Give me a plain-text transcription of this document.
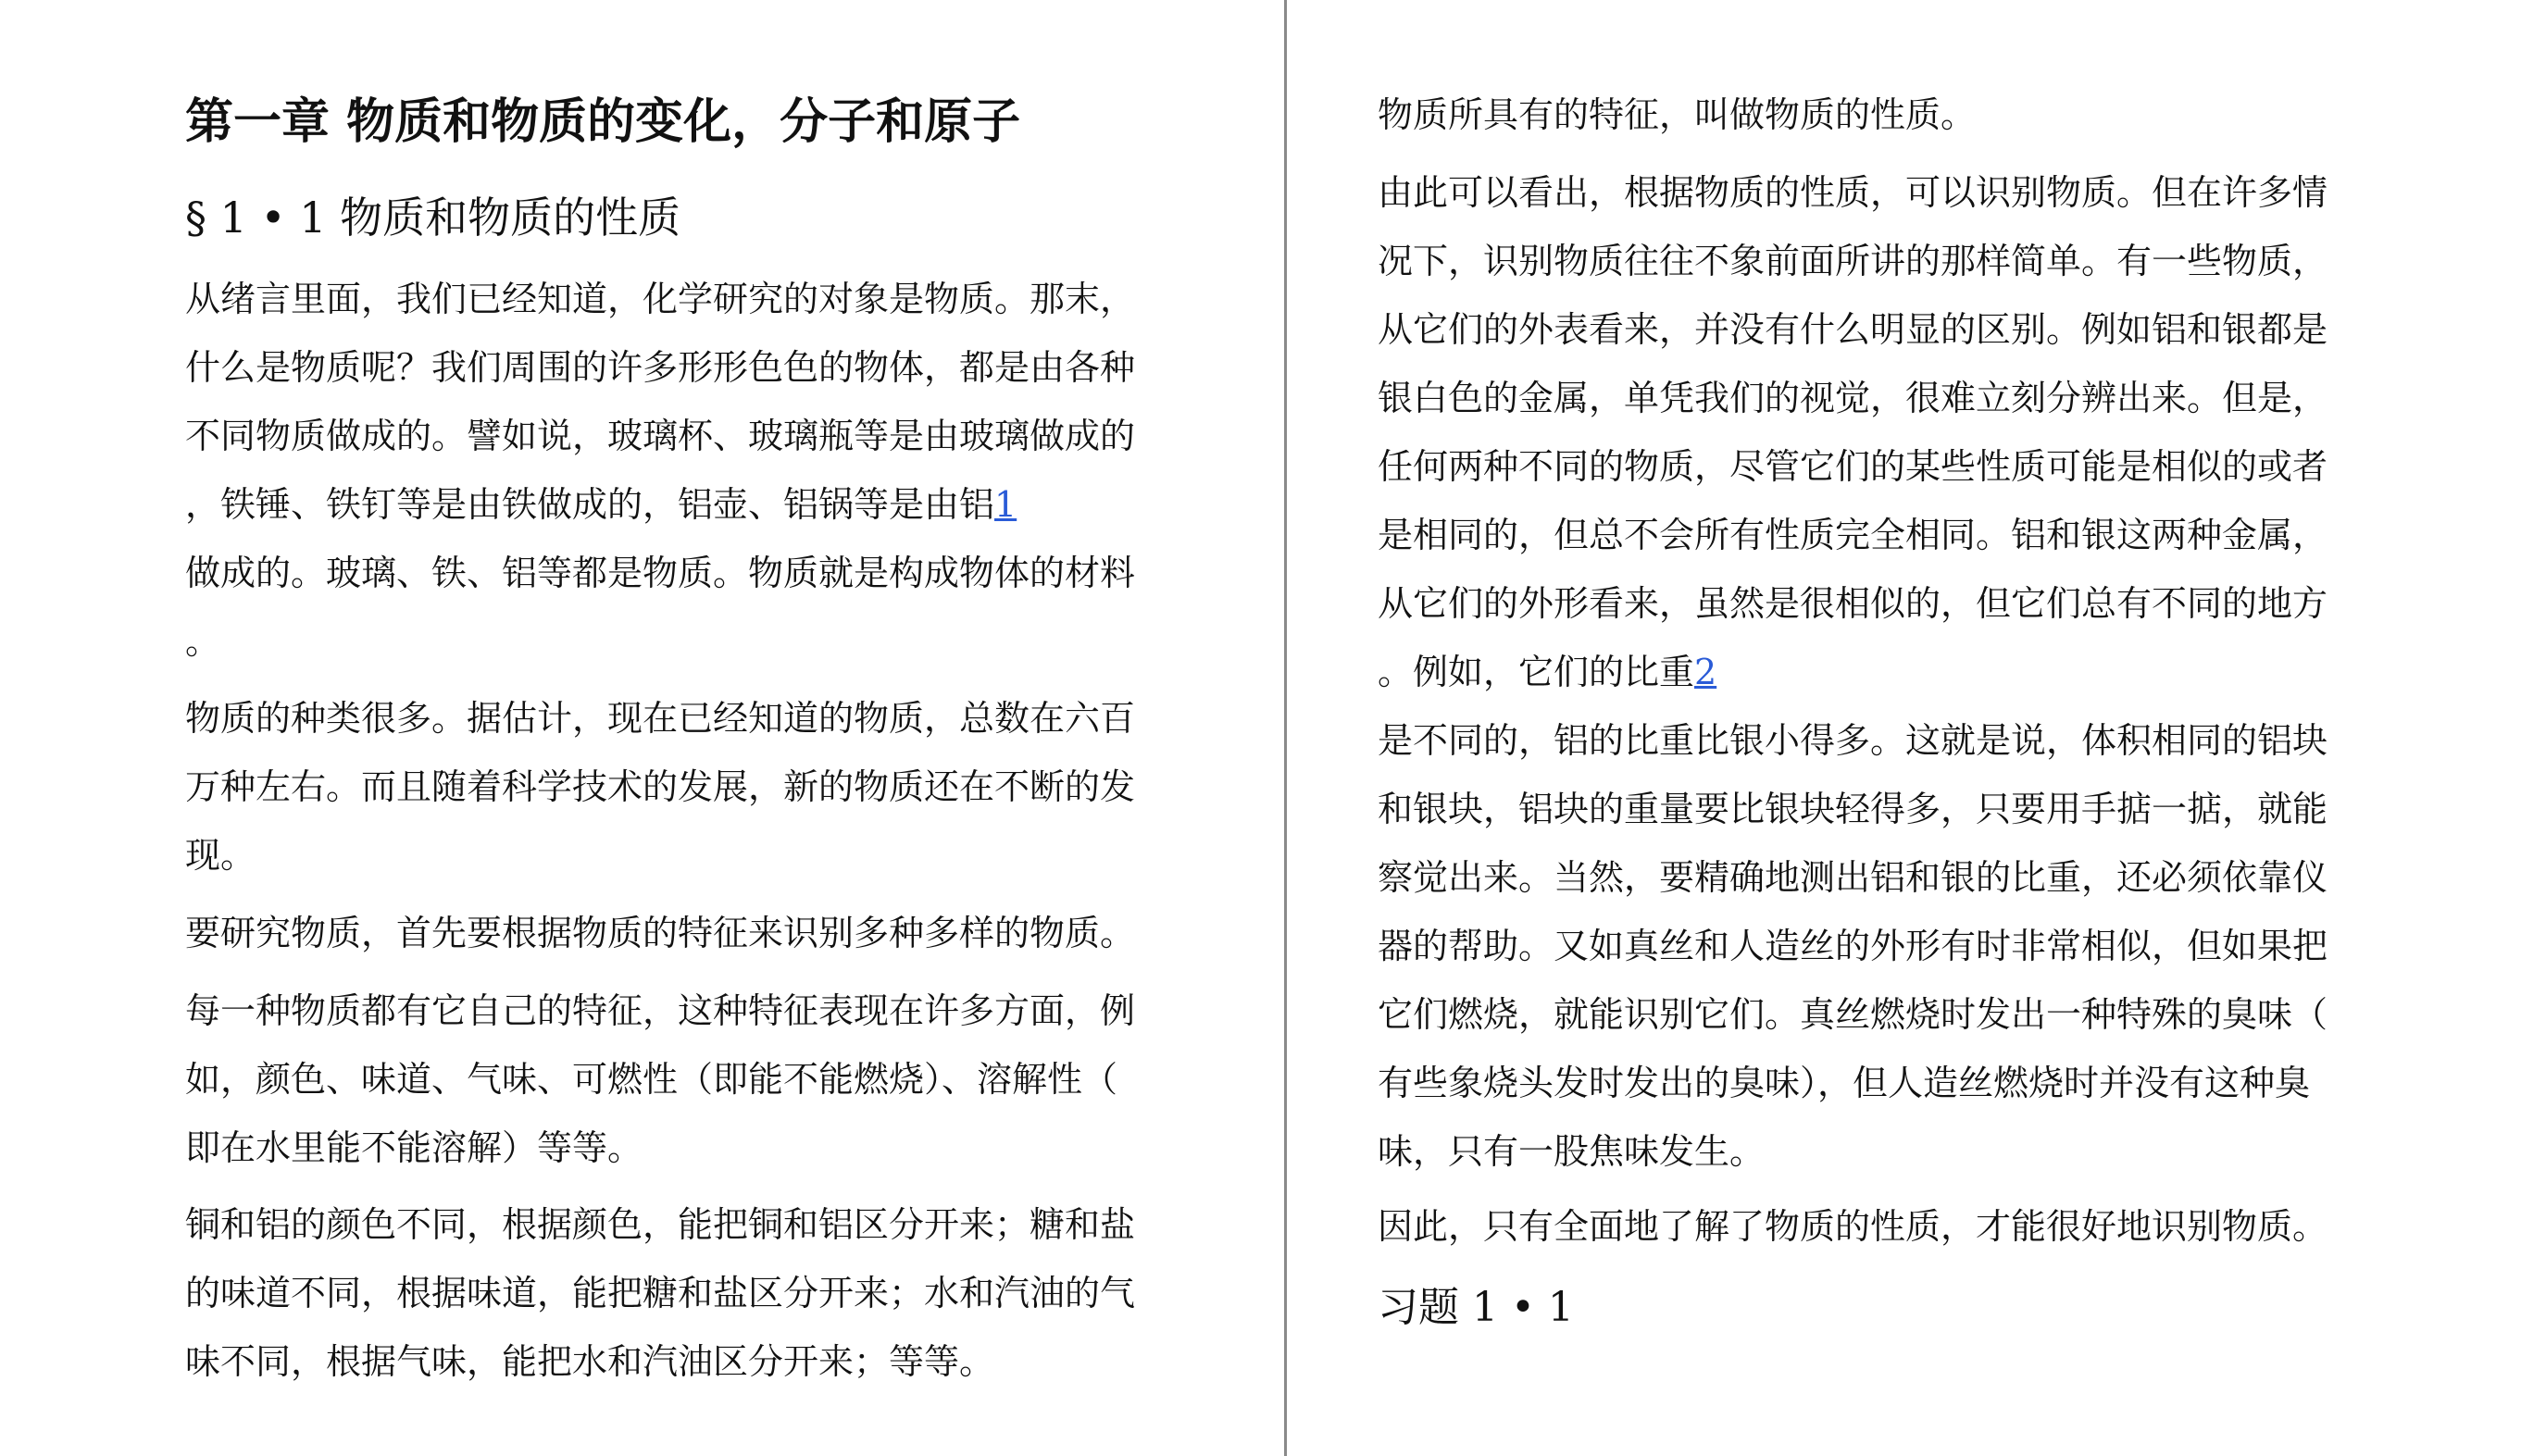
第一章 物质和物质的变化，分子和原子
§ 1 • 1 物质和物质的性质
从绪言里面，我们已经知道，化学研究的对象是物质。那末，
什么是物质呢？我们周围的许多形形色色的物体，都是由各种
不同物质做成的。譬如说，玻璃杯、玻璃瓶等是由玻璃做成的
，铁锤、铁钉等是由铁做成的，铝壶、铝锅等是由铝1
做成的。玻璃、铁、铝等都是物质。物质就是构成物体的材料
。
物质的种类很多。据估计，现在已经知道的物质，总数在六百
万种左右。而且随着科学技术的发展，新的物质还在不断的发
现。
要研究物质，首先要根据物质的特征来识别多种多样的物质。
每一种物质都有它自己的特征，这种特征表现在许多方面，例
如，颜色、味道、气味、可燃性（即能不能燃烧）、溶解性（
即在水里能不能溶解）等等。
铜和铝的颜色不同，根据颜色，能把铜和铝区分开来；糖和盐
的味道不同，根据味道，能把糖和盐区分开来；水和汽油的气
味不同，根据气味，能把水和汽油区分开来；等等。
物质所具有的特征，叫做物质的性质。
由此可以看出，根据物质的性质，可以识别物质。但在许多情
况下，识别物质往往不象前面所讲的那样简单。有一些物质，
从它们的外表看来，并没有什么明显的区别。例如铝和银都是
银白色的金属，单凭我们的视觉，很难立刻分辨出来。但是，
任何两种不同的物质，尽管它们的某些性质可能是相似的或者
是相同的，但总不会所有性质完全相同。铝和银这两种金属，
从它们的外形看来，虽然是很相似的，但它们总有不同的地方
。例如，它们的比重2
是不同的，铝的比重比银小得多。这就是说，体积相同的铝块
和银块，铝块的重量要比银块轻得多，只要用手掂一掂，就能
察觉出来。当然，要精确地测出铝和银的比重，还必须依靠仪
器的帮助。又如真丝和人造丝的外形有时非常相似，但如果把
它们燃烧，就能识别它们。真丝燃烧时发出一种特殊的臭味（
有些象烧头发时发出的臭味），但人造丝燃烧时并没有这种臭
味，只有一股焦味发生。
因此，只有全面地了解了物质的性质，才能很好地识别物质。
习题 1 • 1
